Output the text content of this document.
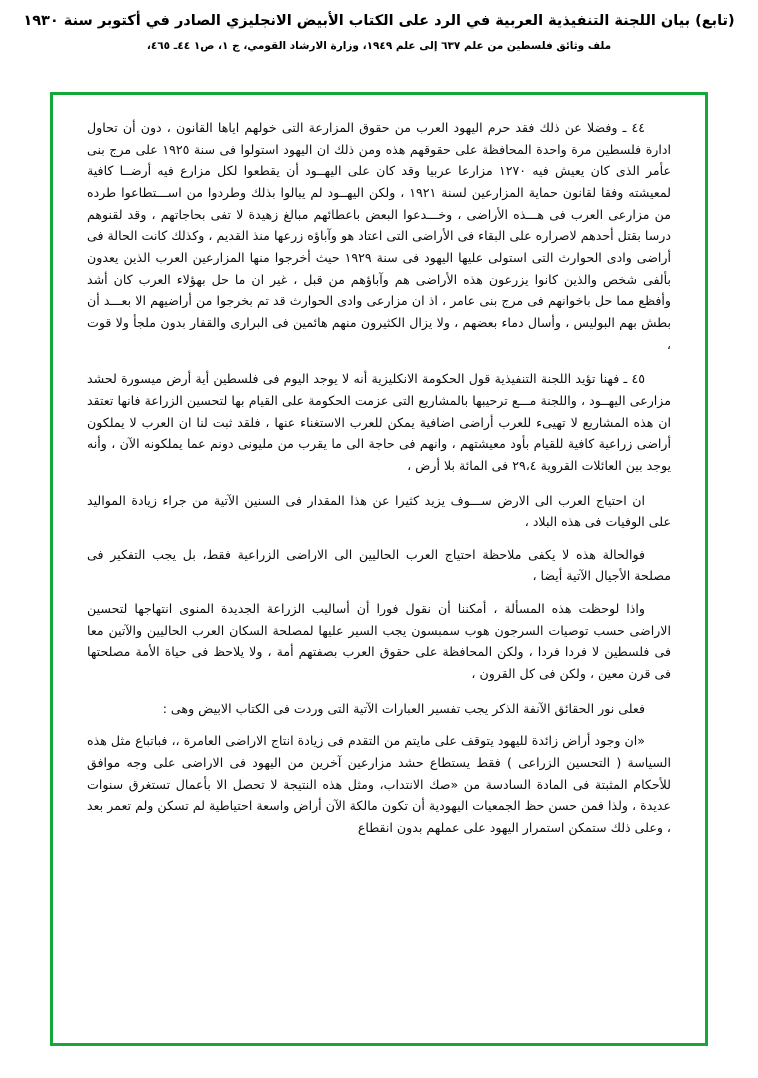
(تابع) بيان اللجنة التنفيذية العربية في الرد على الكتاب الأبيض الانجليزي الصادر في أكتوبر سنة ١٩٣٠
ملف وثائق فلسطين من علم ٦٣٧ إلى علم ١٩٤٩، وزارة الارشاد القومي، ج ١، ص١ ٤٤ـ ٤٦٥،

٤٤ ـ وفضلا عن ذلك فقد حرم اليهود العرب من حقوق المزارعة التى خولهم اياها القانون ، دون أن تحاول ادارة فلسطين مرة واحدة المحافظة على حقوقهم هذه ومن ذلك ان اليهود استولوا فى سنة ١٩٢٥ على مرج بنى عأمر الذى كان يعيش فيه ١٢٧٠ مزارعا عربيا وقد كان على اليهــود أن يقطعوا لكل مزارع فيه أرضــا كافية لمعيشته وفقا لقانون حماية المزارعين لسنة ١٩٢١ ، ولكن اليهــود لم يبالوا بذلك وطردوا من اســـتطاعوا طرده من مزارعى العرب فى هـــذه الأراضى ، وخـــدعوا البعض باعطائهم مبالغ زهيدة لا تفى بحاجاتهم ، وقد لقنوهم درسا بقتل أحدهم لاصراره على البقاء فى الأراضى التى اعتاد هو وآباؤه زرعها منذ القديم ، وكذلك كانت الحالة فى أراضى وادى الحوارث التى استولى عليها اليهود فى سنة ١٩٢٩ حيث أخرجوا منها المزارعين العرب الذين يعدون بألفى شخص والذين كانوا يزرعون هذه الأراضى هم وآباؤهم من قبل ، غير ان ما حل بهؤلاء العرب كان أشد وأفظع مما حل باخوانهم فى مرج بنى عامر ، اذ ان مزارعى وادى الحوارث قد تم بخرجوا من أراضيهم الا بعـــد أن بطش بهم البوليس ، وأسال دماء بعضهم ، ولا يزال الكثيرون منهم هائمين فى البرارى والقفار بدون ملجأ ولا قوت ،

٤٥ ـ فهنا تؤيد اللجنة التنفيذية قول الحكومة الانكليزية أنه لا يوجد اليوم فى فلسطين أية أرض ميسورة لحشد مزارعى اليهــود ، واللجنة مـــع ترحيبها بالمشاريع التى عزمت الحكومة على القيام بها لتحسين الزراعة فانها تعتقد ان هذه المشاريع لا تهيىء للعرب أراضى اضافية يمكن للعرب الاستغناء عنها ، فلقد ثبت لنا ان العرب لا يملكون أراضى زراعية كافية للقيام بأود معيشتهم ، وانهم فى حاجة الى ما يقرب من مليونى دونم عما يملكونه الآن ، وأنه يوجد بين العائلات القروية ٢٩،٤ فى المائة بلا أرض ،

ان احتياج العرب الى الارض ســـوف يزيد كثيرا عن هذا المقدار فى السنين الآتية من جراء زيادة المواليد على الوفيات فى هذه البلاد ،

فوالحالة هذه لا يكفى ملاحظة احتياج العرب الحاليين الى الاراضى الزراعية فقط، بل يجب التفكير فى مصلحة الأجيال الآتية أيضا ،

واذا لوحظت هذه المسألة ، أمكننا أن نقول فورا أن أساليب الزراعة الجديدة المنوى انتهاجها لتحسين الاراضى حسب توصيات السرجون هوب سمبسون يجب السير عليها لمصلحة السكان العرب الحاليين والآتين معا فى فلسطين لا فردا فردا ، ولكن المحافظة على حقوق العرب بصفتهم أمة ، ولا يلاحظ فى حياة الأمة مصلحتها فى قرن معين ، ولكن فى كل القرون ،

فعلى نور الحقائق الآنفة الذكر يجب تفسير العبارات الآتية التى وردت فى الكتاب الابيض وهى :

«ان وجود أراض زائدة لليهود يتوقف على مايتم من التقدم فى زيادة انتاج الاراضى العامرة ،، فباتباع مثل هذه السياسة ( التحسين الزراعى ) فقط يستطاع حشد مزارعين آخرين من اليهود فى الاراضى على وجه موافق للأحكام المثبتة فى المادة السادسة من «صك الانتداب، ومثل هذه النتيجة لا تحصل الا بأعمال تستغرق سنوات عديدة ، ولذا فمن حسن حظ الجمعيات اليهودية أن تكون مالكة الآن أراض واسعة احتياطية لم تسكن ولم تعمر بعد ، وعلى ذلك ستمكن استمرار اليهود على عملهم بدون انقطاع
